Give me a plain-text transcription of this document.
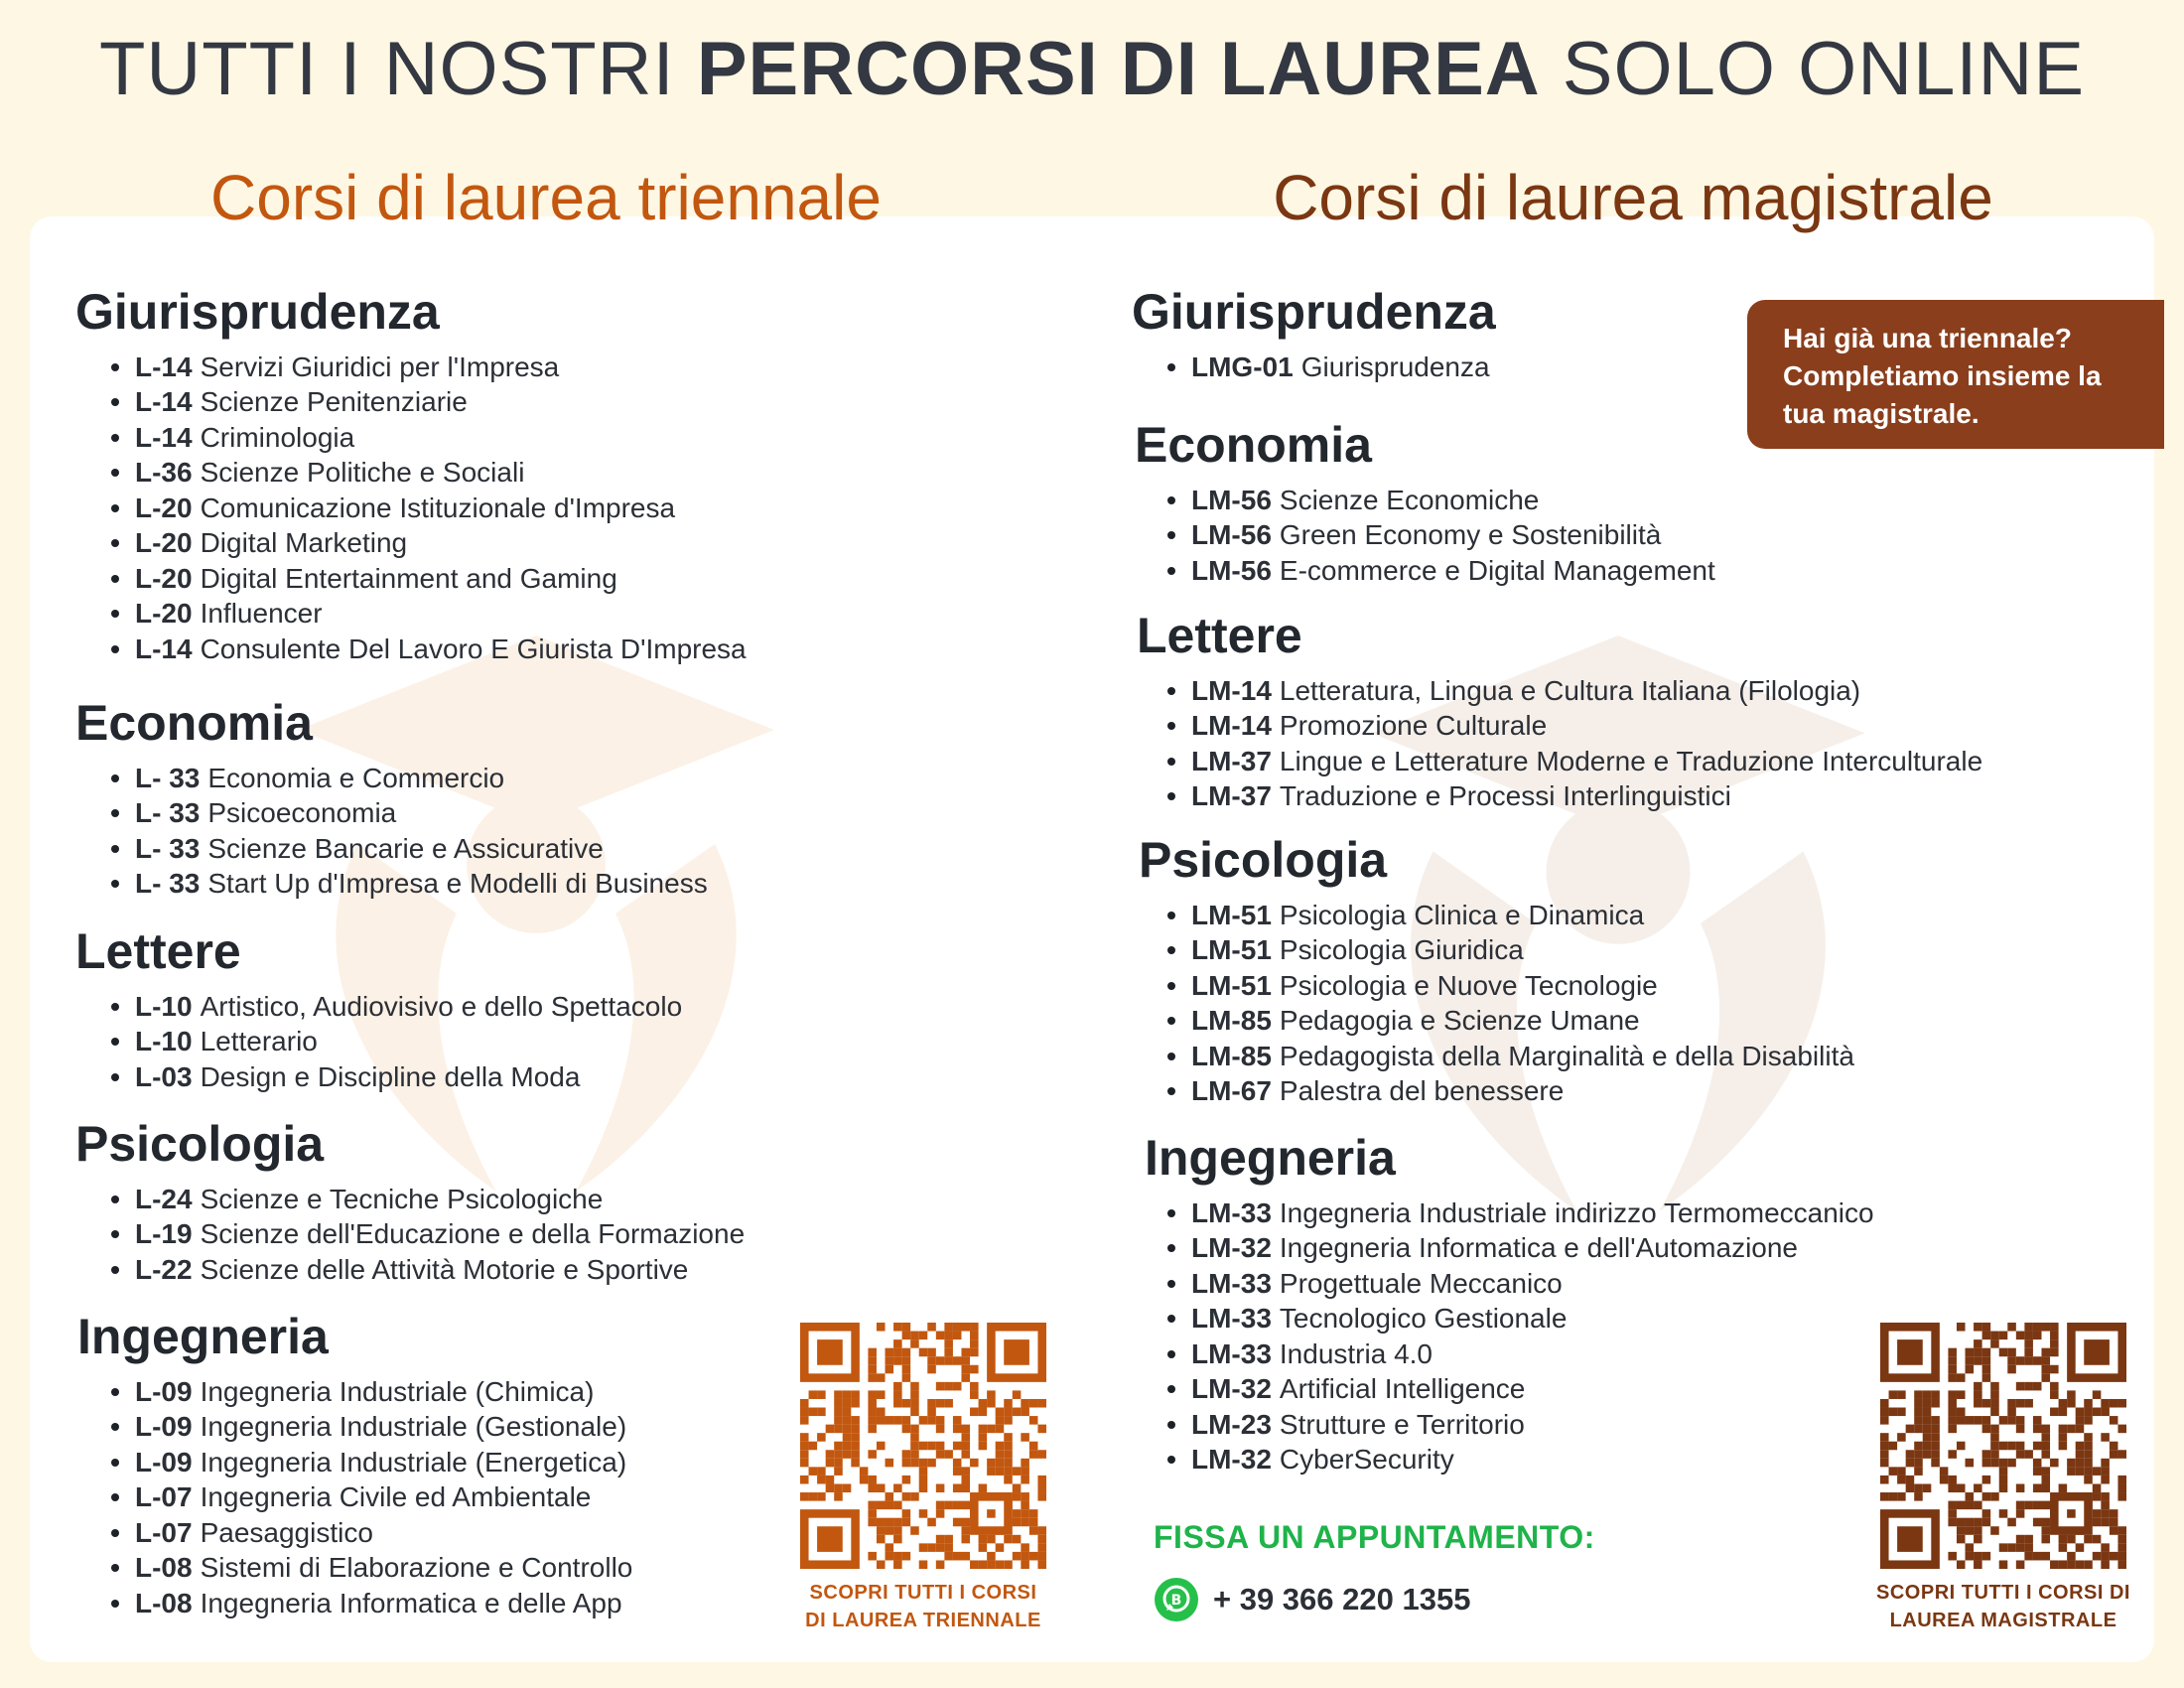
TUTTI I NOSTRI PERCORSI DI LAUREA SOLO ONLINE
Corsi di laurea triennale	Corsi di laurea magistrale
Giurisprudenza
L-14 Servizi Giuridici per l'Impresa
L-14 Scienze Penitenziarie
L-14 Criminologia
L-36 Scienze Politiche e Sociali
L-20 Comunicazione Istituzionale d'Impresa
L-20 Digital Marketing
L-20 Digital Entertainment and Gaming
L-20 Influencer
L-14 Consulente Del Lavoro E Giurista D'Impresa
Economia
L- 33 Economia e Commercio
L- 33 Psicoeconomia
L- 33 Scienze Bancarie e Assicurative
L- 33 Start Up d'Impresa e Modelli di Business
Lettere
L-10 Artistico, Audiovisivo e dello Spettacolo
L-10 Letterario
L-03 Design e Discipline della Moda
Psicologia
L-24 Scienze e Tecniche Psicologiche
L-19 Scienze dell'Educazione e della Formazione
L-22 Scienze delle Attività Motorie e Sportive
Ingegneria
L-09 Ingegneria Industriale (Chimica)
L-09 Ingegneria Industriale (Gestionale)
L-09 Ingegneria Industriale (Energetica)
L-07 Ingegneria Civile ed Ambientale
L-07 Paesaggistico
L-08 Sistemi di Elaborazione e Controllo
L-08 Ingegneria Informatica e delle App
Giurisprudenza
LMG-01 Giurisprudenza
Economia
LM-56 Scienze Economiche
LM-56 Green Economy e Sostenibilità
LM-56 E-commerce e Digital Management
Lettere
LM-14 Letteratura, Lingua e Cultura Italiana (Filologia)
LM-14 Promozione Culturale
LM-37 Lingue e Letterature Moderne e Traduzione Interculturale
LM-37 Traduzione e Processi Interlinguistici
Psicologia
LM-51 Psicologia Clinica e Dinamica
LM-51 Psicologia Giuridica
LM-51 Psicologia e Nuove Tecnologie
LM-85 Pedagogia e Scienze Umane
LM-85 Pedagogista della Marginalità e della Disabilità
LM-67 Palestra del benessere
Ingegneria
LM-33 Ingegneria Industriale indirizzo Termomeccanico
LM-32 Ingegneria Informatica e dell'Automazione
LM-33 Progettuale Meccanico
LM-33 Tecnologico Gestionale
LM-33 Industria 4.0
LM-32 Artificial Intelligence
LM-23 Strutture e Territorio
LM-32 CyberSecurity
Hai già una triennale?
Completiamo insieme la
tua magistrale.
SCOPRI TUTTI I CORSI
DI LAUREA TRIENNALE
SCOPRI TUTTI I CORSI DI
LAUREA MAGISTRALE
FISSA UN APPUNTAMENTO:
B + 39 366 220 1355
